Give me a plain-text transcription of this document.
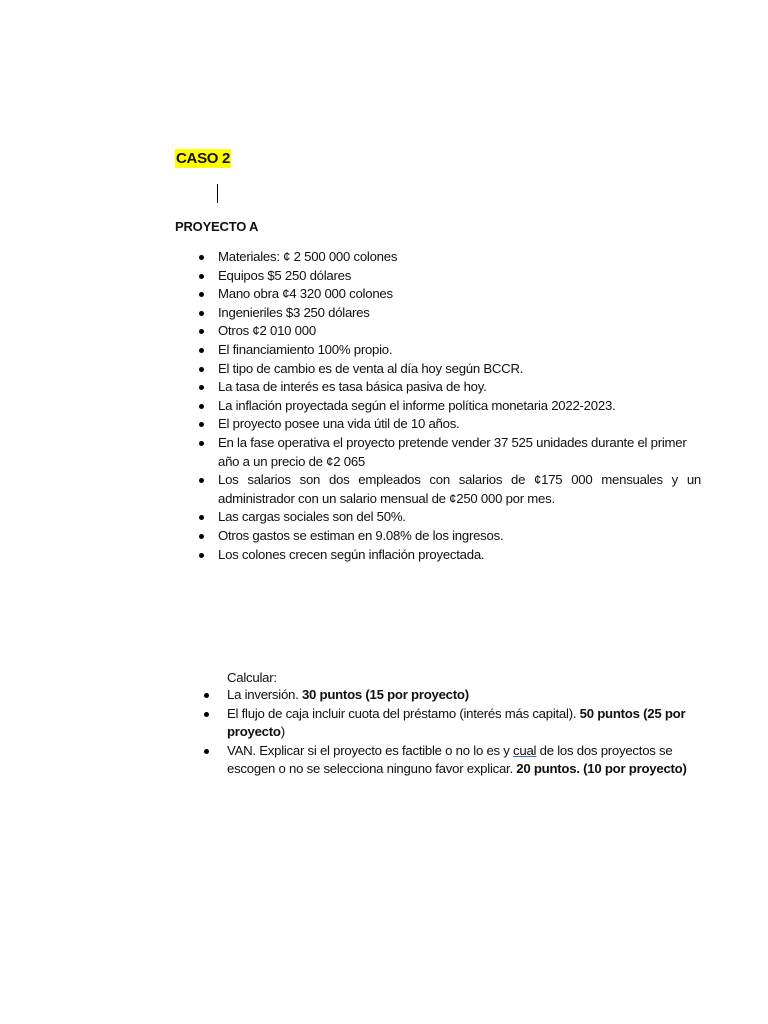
CASO 2
PROYECTO A
Materiales: ¢ 2 500 000 colones
Equipos $5 250 dólares
Mano obra ¢4 320 000 colones
Ingenieriles $3 250 dólares
Otros ¢2 010 000
El financiamiento 100% propio.
El tipo de cambio es de venta al día hoy según BCCR.
La tasa de interés es tasa básica pasiva de hoy.
La inflación proyectada según el informe política monetaria 2022-2023.
El proyecto posee una vida útil de 10 años.
En la fase operativa el proyecto pretende vender 37 525 unidades durante el primer
año a un precio de ¢2 065
Los salarios son dos empleados con salarios de ¢175 000 mensuales y un
administrador con un salario mensual de ¢250 000 por mes.
Las cargas sociales son del 50%.
Otros gastos se estiman en 9.08% de los ingresos.
Los colones crecen según inflación proyectada.
Calcular:
La inversión. 30 puntos (15 por proyecto)
El flujo de caja incluir cuota del préstamo (interés más capital). 50 puntos (25 por
proyecto)
VAN. Explicar si el proyecto es factible o no lo es y cual de los dos proyectos se
escogen o no se selecciona ninguno favor explicar. 20 puntos. (10 por proyecto)
